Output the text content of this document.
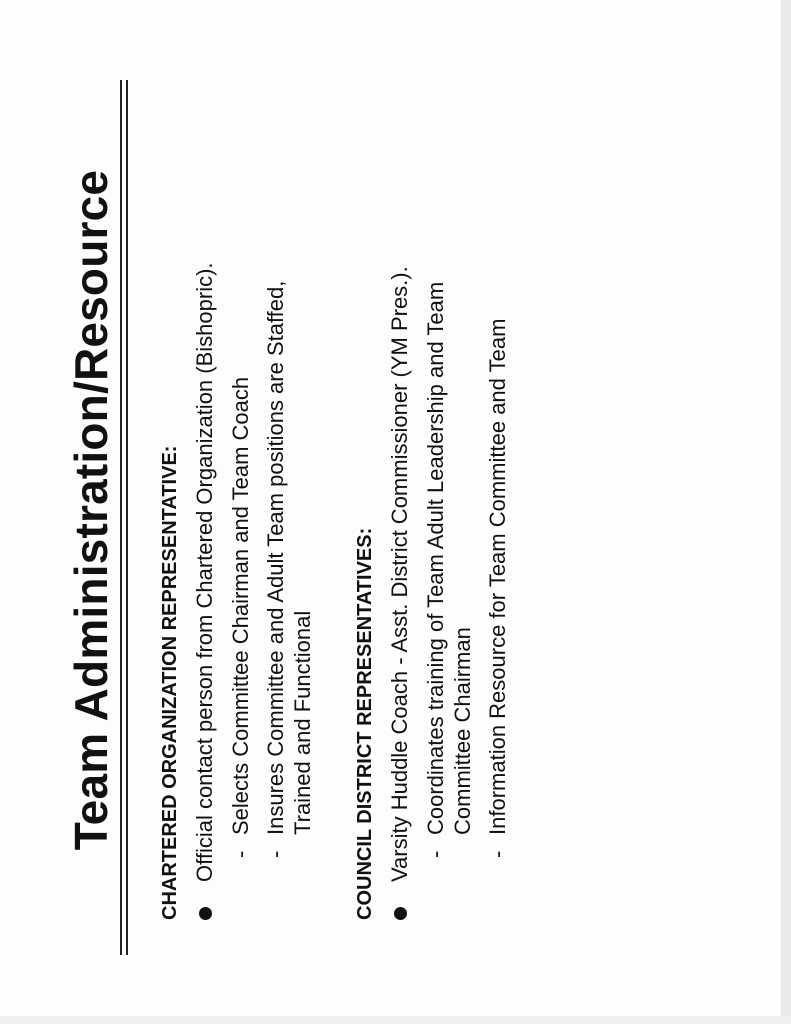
Team Administration/Resource	CHARTERED ORGANIZATION REPRESENTATIVE: Official contact person from Chartered Organization (Bishopric). -
Selects Committee Chairman and Team Coach
-
Insures Committee and Adult Team positions are Staffed, Trained and Functional COUNCIL DISTRICT REPRESENTATIVES: Varsity Huddle Coach - Asst. District Commissioner (YM Pres.). -
Coordinates training of Team Adult Leadership and Team Committee Chairman
-
Information Resource for Team Committee and Team
